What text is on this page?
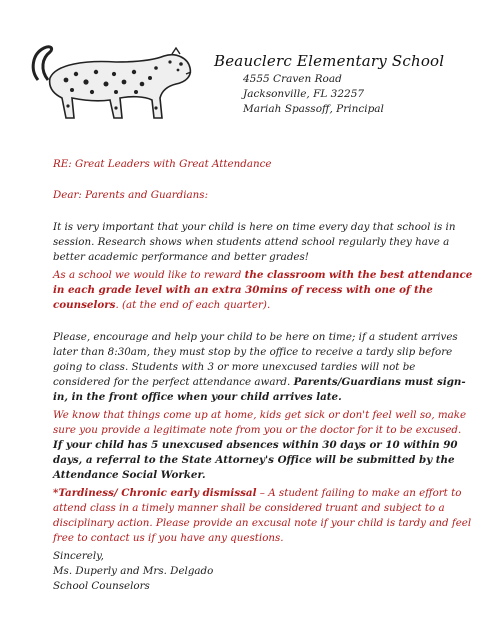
Beauclerc Elementary School
4555 Craven Road
Jacksonville, FL 32257
Mariah Spassoff, Principal
RE: Great Leaders with Great Attendance
Dear: Parents and Guardians:

It is very important that your child is here on time every day that school is in session. Research shows when students attend school regularly they have a better academic performance and better grades!

As a school we would like to reward the classroom with the best attendance in each grade level with an extra 30mins of recess with one of the counselors. (at the end of each quarter).

Please, encourage and help your child to be here on time; if a student arrives later than 8:30am, they must stop by the office to receive a tardy slip before going to class. Students with 3 or more unexcused tardies will not be considered for the perfect attendance award. Parents/Guardians must sign-in, in the front office when your child arrives late.

We know that things come up at home, kids get sick or don't feel well so, make sure you provide a legitimate note from you or the doctor for it to be excused. If your child has 5 unexcused absences within 30 days or 10 within 90 days, a referral to the State Attorney's Office will be submitted by the Attendance Social Worker.

*Tardiness/ Chronic early dismissal – A student failing to make an effort to attend class in a timely manner shall be considered truant and subject to a disciplinary action. Please provide an excusal note if your child is tardy and feel free to contact us if you have any questions.

Sincerely,

Ms. Duperly and Mrs. Delgado

School Counselors
